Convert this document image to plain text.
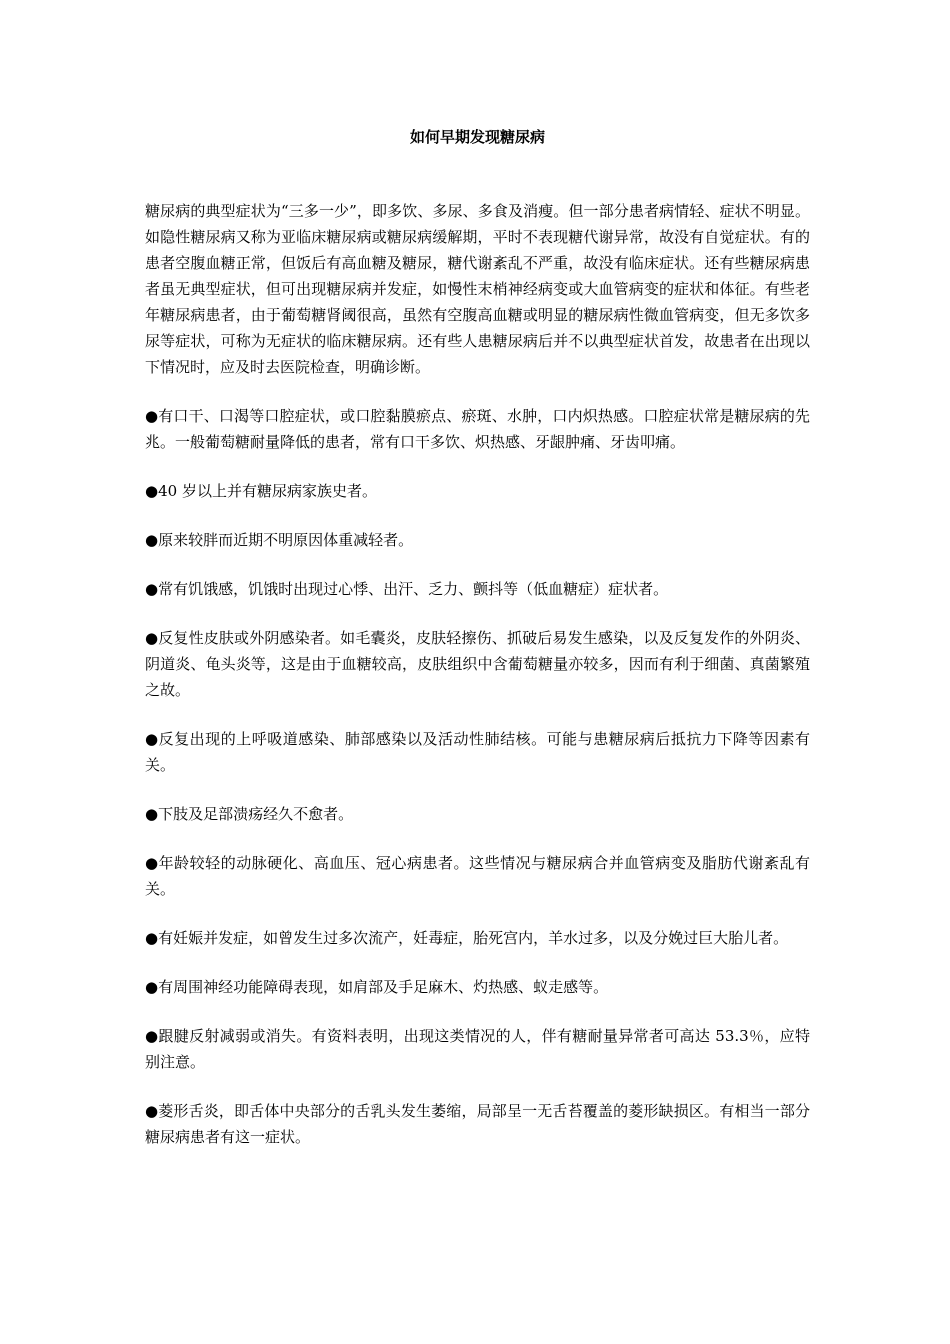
如何早期发现糖尿病

糖尿病的典型症状为“三多一少”，即多饮、多尿、多食及消瘦。但一部分患者病情轻、症状不明显。如隐性糖尿病又称为亚临床糖尿病或糖尿病缓解期，平时不表现糖代谢异常，故没有自觉症状。有的患者空腹血糖正常，但饭后有高血糖及糖尿，糖代谢紊乱不严重，故没有临床症状。还有些糖尿病患者虽无典型症状，但可出现糖尿病并发症，如慢性末梢神经病变或大血管病变的症状和体征。有些老年糖尿病患者，由于葡萄糖肾阈很高，虽然有空腹高血糖或明显的糖尿病性微血管病变，但无多饮多尿等症状，可称为无症状的临床糖尿病。还有些人患糖尿病后并不以典型症状首发，故患者在出现以下情况时，应及时去医院检查，明确诊断。

●有口干、口渴等口腔症状，或口腔黏膜瘀点、瘀斑、水肿，口内炽热感。口腔症状常是糖尿病的先兆。一般葡萄糖耐量降低的患者，常有口干多饮、炽热感、牙龈肿痛、牙齿叩痛。

●40 岁以上并有糖尿病家族史者。

●原来较胖而近期不明原因体重减轻者。

●常有饥饿感，饥饿时出现过心悸、出汗、乏力、颤抖等（低血糖症）症状者。

●反复性皮肤或外阴感染者。如毛囊炎，皮肤轻擦伤、抓破后易发生感染，以及反复发作的外阴炎、阴道炎、龟头炎等，这是由于血糖较高，皮肤组织中含葡萄糖量亦较多，因而有利于细菌、真菌繁殖之故。

●反复出现的上呼吸道感染、肺部感染以及活动性肺结核。可能与患糖尿病后抵抗力下降等因素有关。

●下肢及足部溃疡经久不愈者。

●年龄较轻的动脉硬化、高血压、冠心病患者。这些情况与糖尿病合并血管病变及脂肪代谢紊乱有关。

●有妊娠并发症，如曾发生过多次流产，妊毒症，胎死宫内，羊水过多，以及分娩过巨大胎儿者。

●有周围神经功能障碍表现，如肩部及手足麻木、灼热感、蚁走感等。

●跟腱反射减弱或消失。有资料表明，出现这类情况的人，伴有糖耐量异常者可高达 53.3％，应特别注意。

●菱形舌炎，即舌体中央部分的舌乳头发生萎缩，局部呈一无舌苔覆盖的菱形缺损区。有相当一部分糖尿病患者有这一症状。
